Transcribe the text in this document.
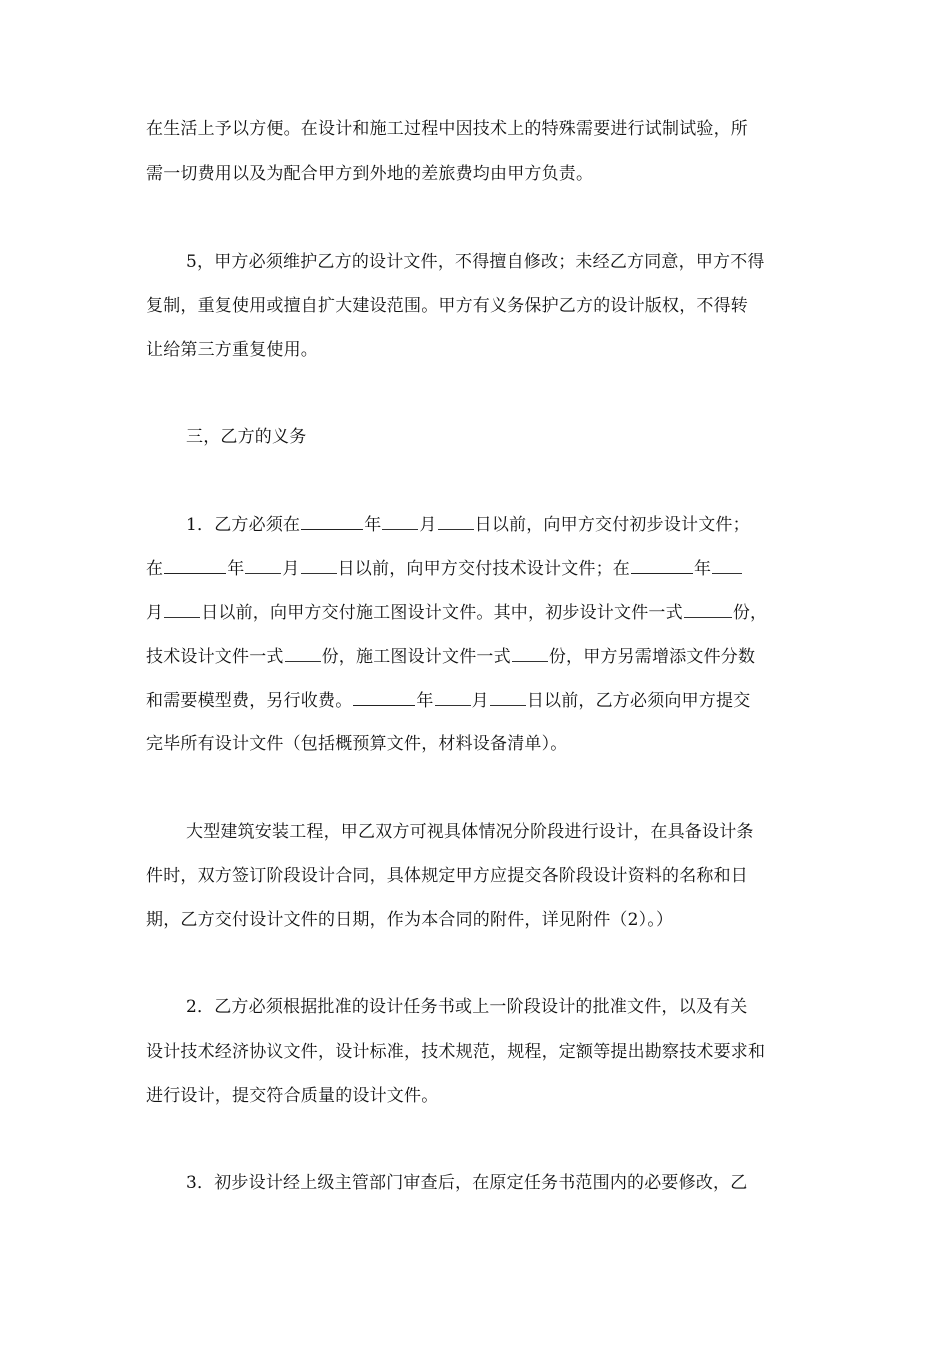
在生活上予以方便。在设计和施工过程中因技术上的特殊需要进行试制试验，所
需一切费用以及为配合甲方到外地的差旅费均由甲方负责。
5，甲方必须维护乙方的设计文件，不得擅自修改；未经乙方同意，甲方不得
复制，重复使用或擅自扩大建设范围。甲方有义务保护乙方的设计版权，不得转
让给第三方重复使用。
三，乙方的义务
1．乙方必须在	年 月 日以前，向甲方交付初步设计文件；
在	年 月 日以前，向甲方交付技术设计文件；在	年
月 日以前，向甲方交付施工图设计文件。其中，初步设计文件一式	份，
技术设计文件一式 份，施工图设计文件一式 份，甲方另需增添文件分数
和需要模型费，另行收费。	年 月 日以前，乙方必须向甲方提交
完毕所有设计文件（包括概预算文件，材料设备清单）。
大型建筑安装工程，甲乙双方可视具体情况分阶段进行设计，在具备设计条
件时，双方签订阶段设计合同，具体规定甲方应提交各阶段设计资料的名称和日
期，乙方交付设计文件的日期，作为本合同的附件，详见附件（2）。）
2．乙方必须根据批准的设计任务书或上一阶段设计的批准文件，以及有关
设计技术经济协议文件，设计标准，技术规范，规程，定额等提出勘察技术要求和
进行设计，提交符合质量的设计文件。
3．初步设计经上级主管部门审查后，在原定任务书范围内的必要修改，乙
